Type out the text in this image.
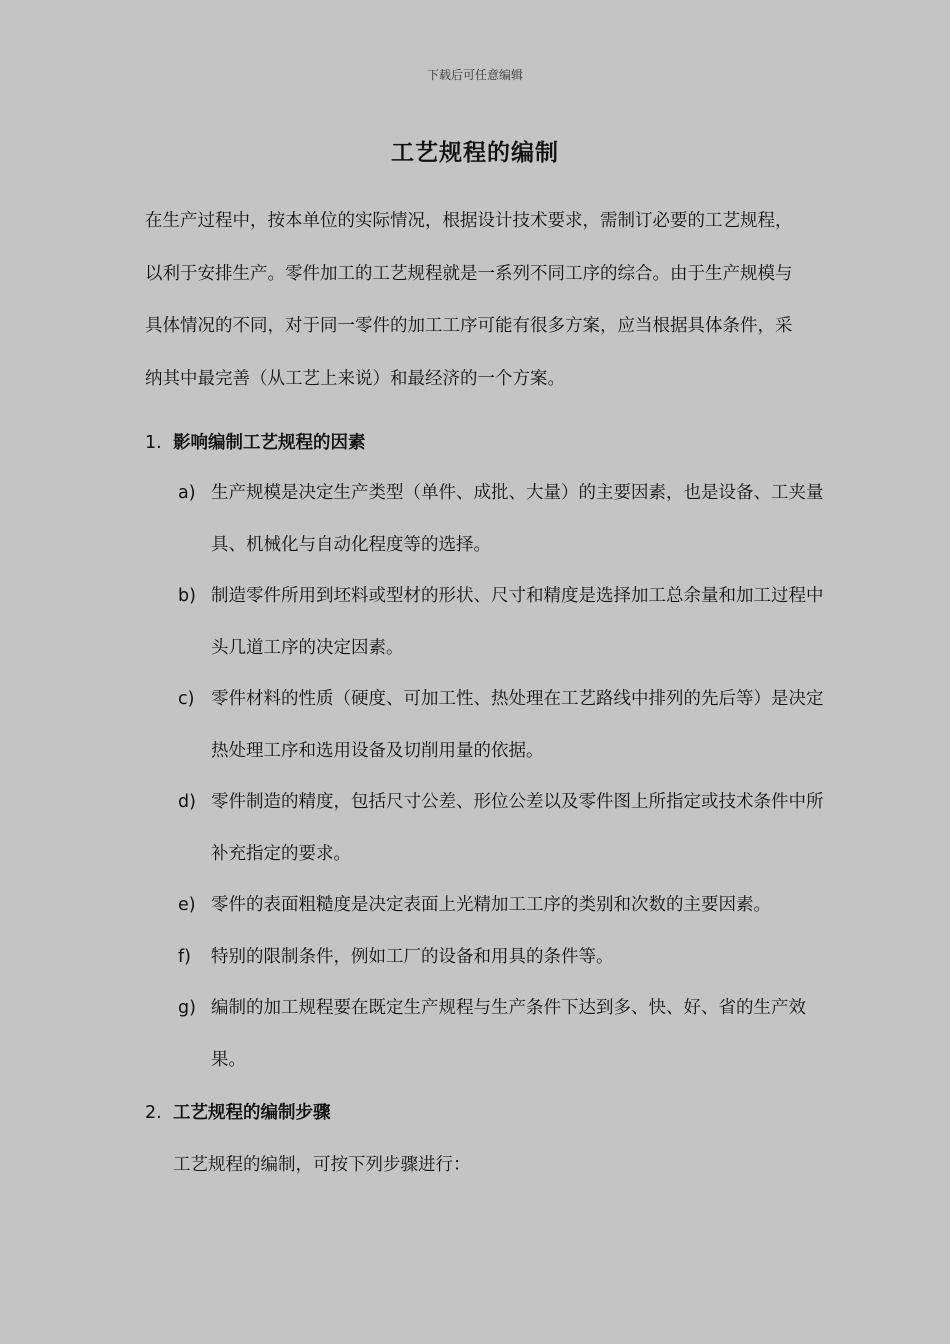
下载后可任意编辑
工艺规程的编制

在生产过程中，按本单位的实际情况，根据设计技术要求，需制订必要的工艺规程，以利于安排生产。零件加工的工艺规程就是一系列不同工序的综合。由于生产规模与具体情况的不同，对于同一零件的加工工序可能有很多方案，应当根据具体条件，采纳其中最完善（从工艺上来说）和最经济的一个方案。

1. 影响编制工艺规程的因素
a) 生产规模是决定生产类型（单件、成批、大量）的主要因素，也是设备、工夹量具、机械化与自动化程度等的选择。
b) 制造零件所用到坯料或型材的形状、尺寸和精度是选择加工总余量和加工过程中头几道工序的决定因素。
c) 零件材料的性质（硬度、可加工性、热处理在工艺路线中排列的先后等）是决定热处理工序和选用设备及切削用量的依据。
d) 零件制造的精度，包括尺寸公差、形位公差以及零件图上所指定或技术条件中所补充指定的要求。
e) 零件的表面粗糙度是决定表面上光精加工工序的类别和次数的主要因素。
f) 特别的限制条件，例如工厂的设备和用具的条件等。
g) 编制的加工规程要在既定生产规程与生产条件下达到多、快、好、省的生产效果。
2. 工艺规程的编制步骤
工艺规程的编制，可按下列步骤进行：
